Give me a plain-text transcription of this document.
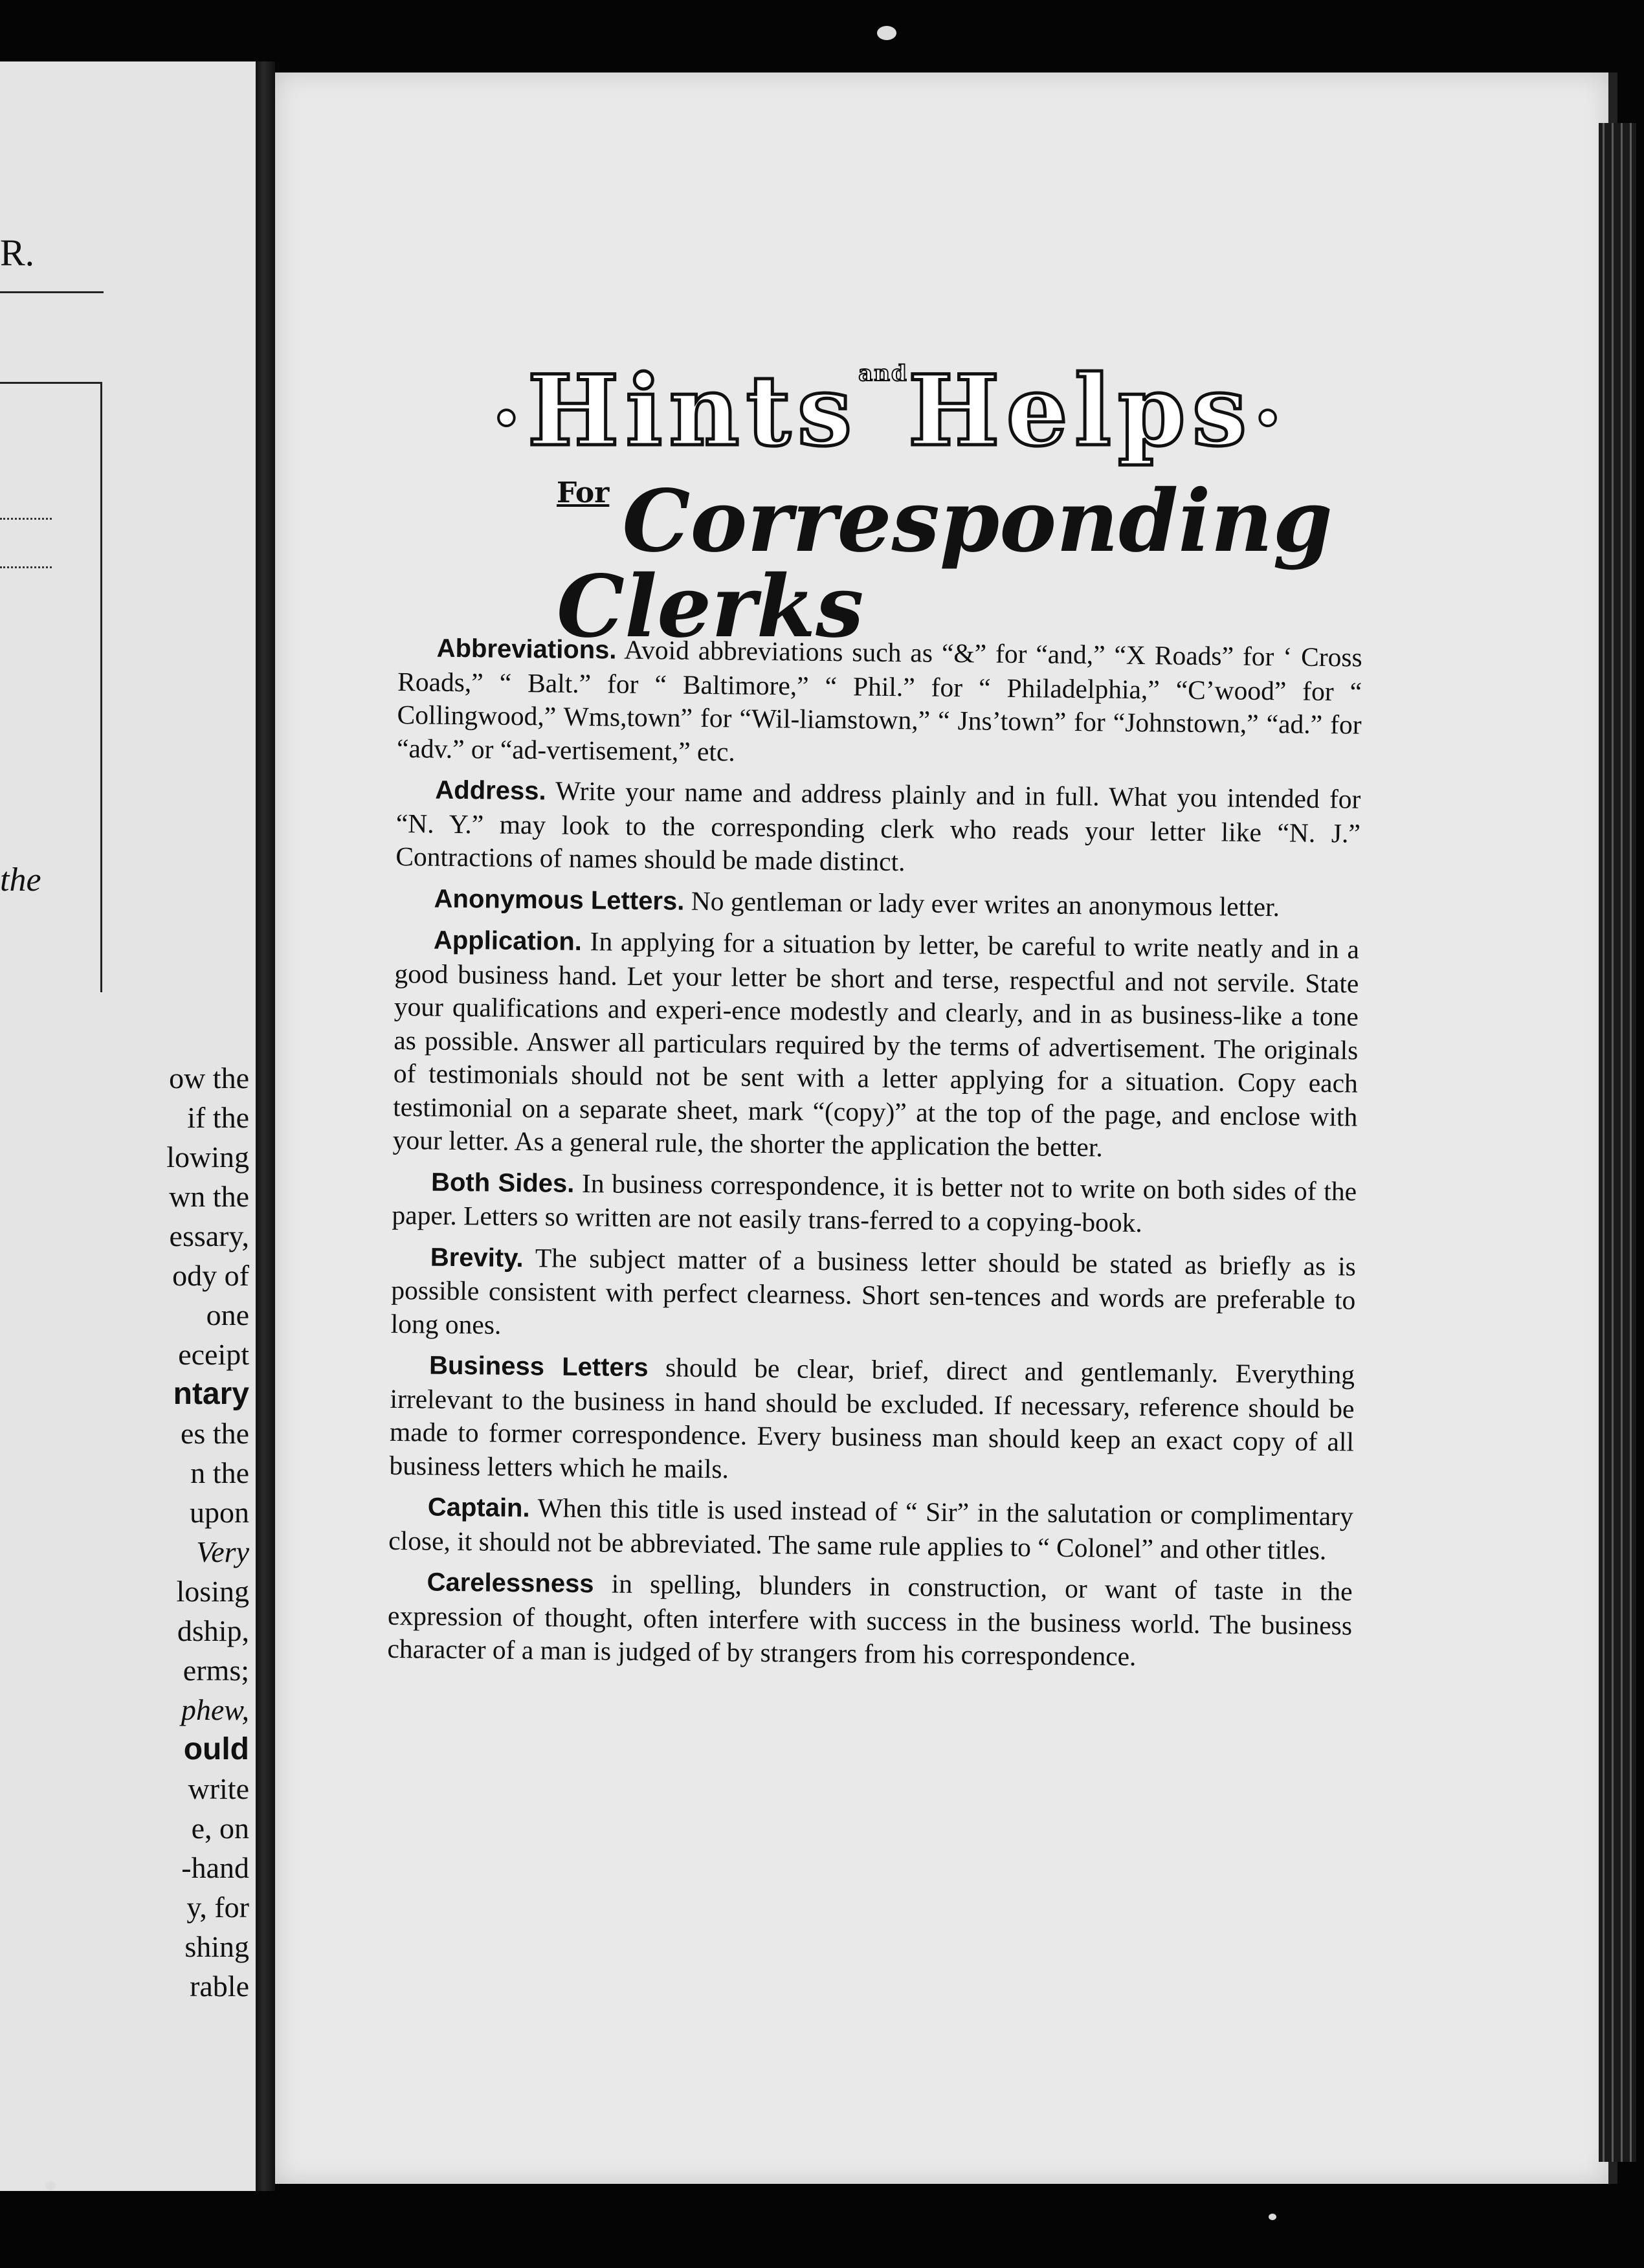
R.
the
ow the
if the
lowing
wn the
essary,
ody of
one
eceipt
ntary
es the
n the
upon
Very
losing
dship,
erms;
phew,
ould
write
e, on
-hand
y, for
shing
rable
•Hints$^{and}$Helps•
$^{For}$ Corresponding Clerks

Abbreviations. Avoid abbreviations such as “&” for “and,” “X Roads” for ‘ Cross Roads,” “ Balt.” for “ Baltimore,” “ Phil.” for “ Philadelphia,” “C’wood” for “ Collingwood,” Wms,town” for “Wil-liamstown,” “ Jns’town” for “Johnstown,” “ad.” for “adv.” or “ad-vertisement,” etc.

Address. Write your name and address plainly and in full. What you intended for “N. Y.” may look to the corresponding clerk who reads your letter like “N. J.” Contractions of names should be made distinct.

Anonymous Letters. No gentleman or lady ever writes an anonymous letter.

Application. In applying for a situation by letter, be careful to write neatly and in a good business hand. Let your letter be short and terse, respectful and not servile. State your qualifications and experi-ence modestly and clearly, and in as business-like a tone as possible. Answer all particulars required by the terms of advertisement. The originals of testimonials should not be sent with a letter applying for a situation. Copy each testimonial on a separate sheet, mark “(copy)” at the top of the page, and enclose with your letter. As a general rule, the shorter the application the better.

Both Sides. In business correspondence, it is better not to write on both sides of the paper. Letters so written are not easily trans-ferred to a copying-book.

Brevity. The subject matter of a business letter should be stated as briefly as is possible consistent with perfect clearness. Short sen-tences and words are preferable to long ones.

Business Letters should be clear, brief, direct and gentlemanly. Everything irrelevant to the business in hand should be excluded. If necessary, reference should be made to former correspondence. Every business man should keep an exact copy of all business letters which he mails.

Captain. When this title is used instead of “ Sir” in the salutation or complimentary close, it should not be abbreviated. The same rule applies to “ Colonel” and other titles.

Carelessness in spelling, blunders in construction, or want of taste in the expression of thought, often interfere with success in the business world. The business character of a man is judged of by strangers from his correspondence.
